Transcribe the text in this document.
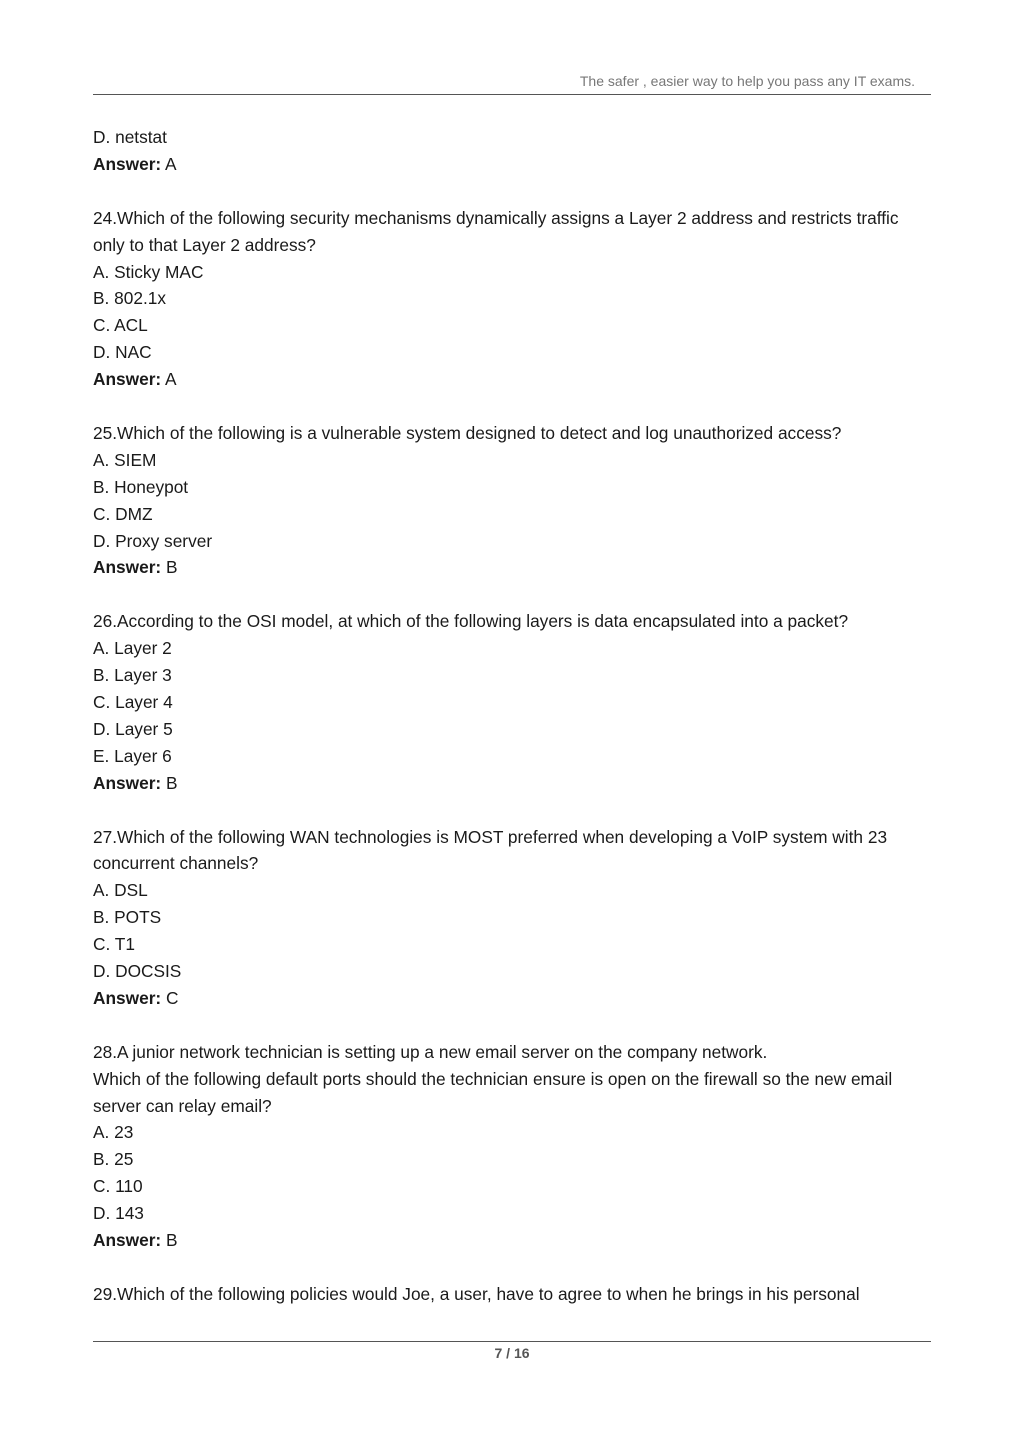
The safer , easier way to help you pass any IT exams.
D. netstat
Answer: A
24.Which of the following security mechanisms dynamically assigns a Layer 2 address and restricts traffic only to that Layer 2 address?
A. Sticky MAC
B. 802.1x
C. ACL
D. NAC
Answer: A
25.Which of the following is a vulnerable system designed to detect and log unauthorized access?
A. SIEM
B. Honeypot
C. DMZ
D. Proxy server
Answer: B
26.According to the OSI model, at which of the following layers is data encapsulated into a packet?
A. Layer 2
B. Layer 3
C. Layer 4
D. Layer 5
E. Layer 6
Answer: B
27.Which of the following WAN technologies is MOST preferred when developing a VoIP system with 23 concurrent channels?
A. DSL
B. POTS
C. T1
D. DOCSIS
Answer: C
28.A junior network technician is setting up a new email server on the company network.
Which of the following default ports should the technician ensure is open on the firewall so the new email server can relay email?
A. 23
B. 25
C. 110
D. 143
Answer: B
29.Which of the following policies would Joe, a user, have to agree to when he brings in his personal
7 / 16
